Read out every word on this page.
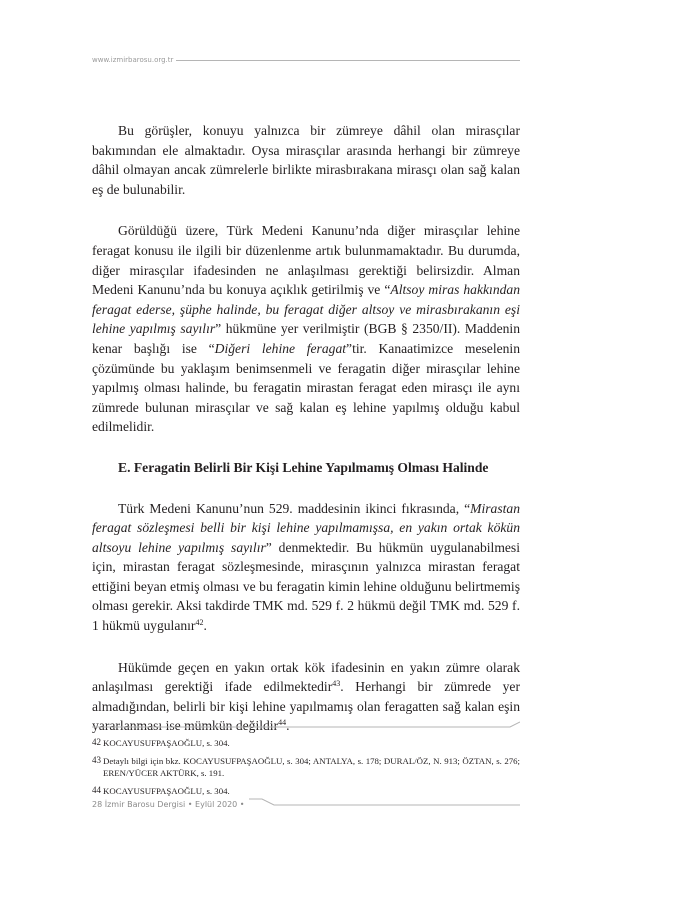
www.izmirbarosu.org.tr

Bu görüşler, konuyu yalnızca bir zümreye dâhil olan mirasçılar bakımından ele almaktadır. Oysa mirasçılar arasında herhangi bir zümreye dâhil olmayan ancak zümrelerle birlikte mirasbırakana mirasçı olan sağ kalan eş de bulunabilir.

Görüldüğü üzere, Türk Medeni Kanunu’nda diğer mirasçılar lehine feragat konusu ile ilgili bir düzenlenme artık bulunmamaktadır. Bu durumda, diğer mirasçılar ifadesinden ne anlaşılması gerektiği belirsizdir. Alman Medeni Kanunu’nda bu konuya açıklık getirilmiş ve “Altsoy miras hakkından feragat ederse, şüphe halinde, bu feragat diğer altsoy ve mirasbırakanın eşi lehine yapılmış sayılır” hükmüne yer verilmiştir (BGB § 2350/II). Maddenin kenar başlığı ise “Diğeri lehine feragat”tir. Kanaatimizce meselenin çözümünde bu yaklaşım benimsenmeli ve feragatin diğer mirasçılar lehine yapılmış olması halinde, bu feragatin mirastan feragat eden mirasçı ile aynı zümrede bulunan mirasçılar ve sağ kalan eş lehine yapılmış olduğu kabul edilmelidir.

E. Feragatin Belirli Bir Kişi Lehine Yapılmamış Olması Halinde

Türk Medeni Kanunu’nun 529. maddesinin ikinci fıkrasında, “Mirastan feragat sözleşmesi belli bir kişi lehine yapılmamışsa, en yakın ortak kökün altsoyu lehine yapılmış sayılır” denmektedir. Bu hükmün uygulanabilmesi için, mirastan feragat sözleşmesinde, mirasçının yalnızca mirastan feragat ettiğini beyan etmiş olması ve bu feragatin kimin lehine olduğunu belirtmemiş olması gerekir. Aksi takdirde TMK md. 529 f. 2 hükmü değil TMK md. 529 f. 1 hükmü uygulanır$^{42}$.

Hükümde geçen en yakın ortak kök ifadesinin en yakın zümre olarak anlaşılması gerektiği ifade edilmektedir$^{43}$. Herhangi bir zümrede yer almadığından, belirli bir kişi lehine yapılmamış olan feragatten sağ kalan eşin yararlanması ise mümkün değildir$^{44}$.

42 KOCAYUSUFPAŞAOĞLU, s. 304.

43 Detaylı bilgi için bkz. KOCAYUSUFPAŞAOĞLU, s. 304; ANTALYA, s. 178; DURAL/ÖZ, N. 913; ÖZTAN, s. 276; EREN/YÜCER AKTÜRK, s. 191.

44 KOCAYUSUFPAŞAOĞLU, s. 304.

28 İzmir Barosu Dergisi • Eylül 2020 •
